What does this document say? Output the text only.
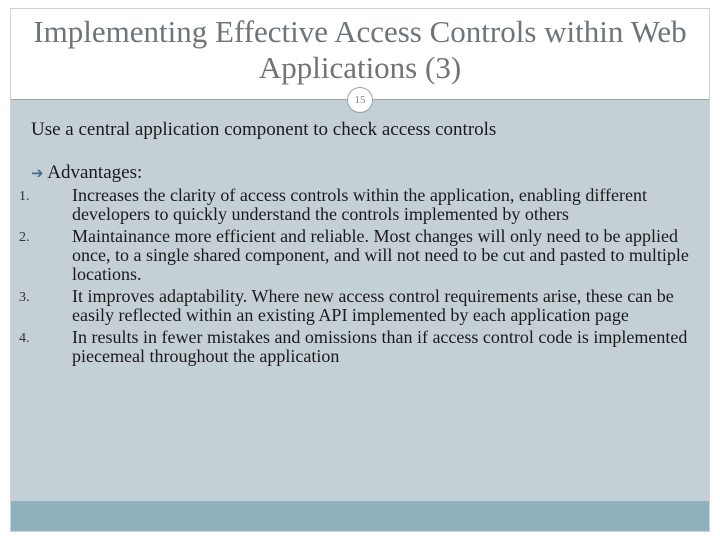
Implementing Effective Access Controls within Web Applications (3)
15

Use a central application component to check access controls

➔ Advantages:

1. Increases the clarity of access controls within the application, enabling different developers to quickly understand the controls implemented by others
2. Maintainance more efficient and reliable. Most changes will only need to be applied once, to a single shared component, and will not need to be cut and pasted to multiple locations.
3. It improves adaptability. Where new access control requirements arise, these can be easily reflected within an existing API implemented by each application page
4. In results in fewer mistakes and omissions than if access control code is implemented piecemeal throughout the application
